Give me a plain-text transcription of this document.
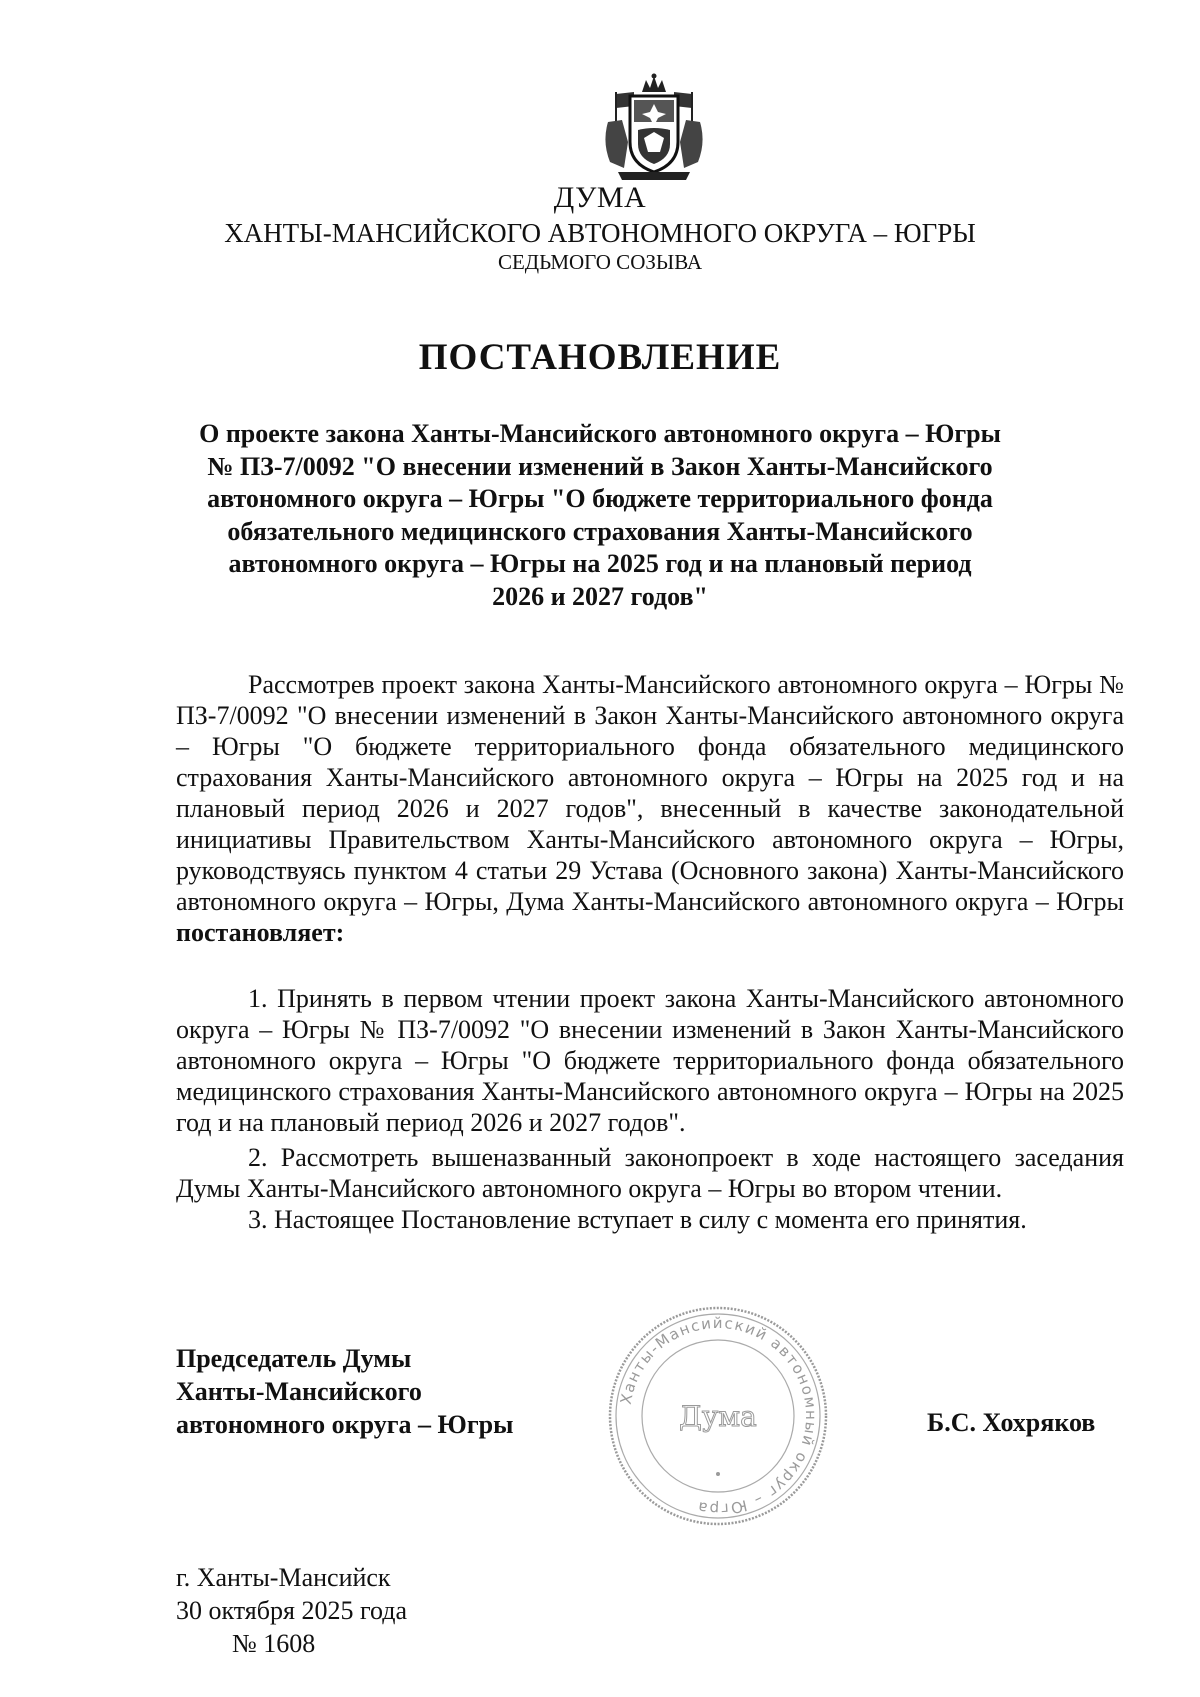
ДУМА
ХАНТЫ-МАНСИЙСКОГО АВТОНОМНОГО ОКРУГА – ЮГРЫ
СЕДЬМОГО СОЗЫВА
ПОСТАНОВЛЕНИЕ
О проекте закона Ханты-Мансийского автономного округа – Югры
№ ПЗ-7/0092 "О внесении изменений в Закон Ханты-Мансийского
автономного округа – Югры "О бюджете территориального фонда
обязательного медицинского страхования Ханты-Мансийского
автономного округа – Югры на 2025 год и на плановый период
2026 и 2027 годов"
Рассмотрев проект закона Ханты-Мансийского автономного округа – Югры № ПЗ-7/0092 "О внесении изменений в Закон Ханты-Мансийского автономного округа – Югры "О бюджете территориального фонда обязательного медицинского страхования Ханты-Мансийского автономного округа – Югры на 2025 год и на плановый период 2026 и 2027 годов", внесенный в качестве законодательной инициативы Правительством Ханты-Мансийского автономного округа – Югры, руководствуясь пунктом 4 статьи 29 Устава (Основного закона) Ханты-Мансийского автономного округа – Югры, Дума Ханты-Мансийского автономного округа – Югры постановляет:
1. Принять в первом чтении проект закона Ханты-Мансийского автономного округа – Югры № ПЗ-7/0092 "О внесении изменений в Закон Ханты-Мансийского автономного округа – Югры "О бюджете территориального фонда обязательного медицинского страхования Ханты-Мансийского автономного округа – Югры на 2025 год и на плановый период 2026 и 2027 годов".
2. Рассмотреть вышеназванный законопроект в ходе настоящего заседания Думы Ханты-Мансийского автономного округа – Югры во втором чтении.
3. Настоящее Постановление вступает в силу с момента его принятия.
Председатель Думы
Ханты-Мансийского
автономного округа – Югры
Ханты-Мансийский автономный округ – Югра
Дума	Б.С. Хохряков
г. Ханты-Мансийск
30 октября 2025 года
№ 1608
